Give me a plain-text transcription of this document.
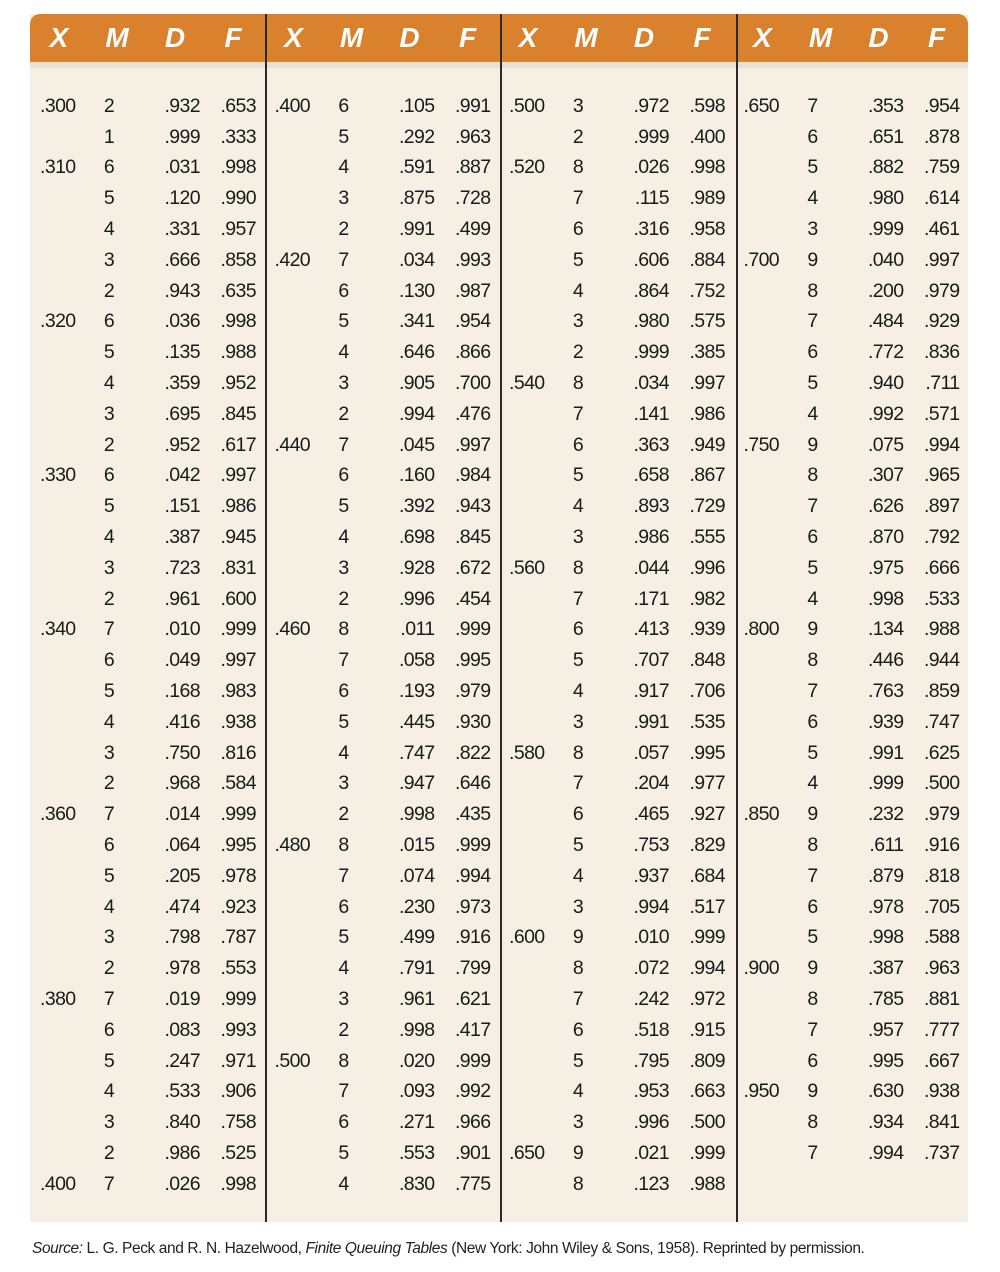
X	M	D	F	X	M	D	F	X	M	D	F	X	M	D	F
.300	2	.932	.653
1	.999	.333
.310	6	.031	.998
5	.120	.990
4	.331	.957
3	.666	.858
2	.943	.635
.320	6	.036	.998
5	.135	.988
4	.359	.952
3	.695	.845
2	.952	.617
.330	6	.042	.997
5	.151	.986
4	.387	.945
3	.723	.831
2	.961	.600
.340	7	.010	.999
6	.049	.997
5	.168	.983
4	.416	.938
3	.750	.816
2	.968	.584
.360	7	.014	.999
6	.064	.995
5	.205	.978
4	.474	.923
3	.798	.787
2	.978	.553
.380	7	.019	.999
6	.083	.993
5	.247	.971
4	.533	.906
3	.840	.758
2	.986	.525
.400	7	.026	.998
.400	6	.105	.991
5	.292	.963
4	.591	.887
3	.875	.728
2	.991	.499
.420	7	.034	.993
6	.130	.987
5	.341	.954
4	.646	.866
3	.905	.700
2	.994	.476
.440	7	.045	.997
6	.160	.984
5	.392	.943
4	.698	.845
3	.928	.672
2	.996	.454
.460	8	.011	.999
7	.058	.995
6	.193	.979
5	.445	.930
4	.747	.822
3	.947	.646
2	.998	.435
.480	8	.015	.999
7	.074	.994
6	.230	.973
5	.499	.916
4	.791	.799
3	.961	.621
2	.998	.417
.500	8	.020	.999
7	.093	.992
6	.271	.966
5	.553	.901
4	.830	.775
.500	3	.972	.598
2	.999	.400
.520	8	.026	.998
7	.115	.989
6	.316	.958
5	.606	.884
4	.864	.752
3	.980	.575
2	.999	.385
.540	8	.034	.997
7	.141	.986
6	.363	.949
5	.658	.867
4	.893	.729
3	.986	.555
.560	8	.044	.996
7	.171	.982
6	.413	.939
5	.707	.848
4	.917	.706
3	.991	.535
.580	8	.057	.995
7	.204	.977
6	.465	.927
5	.753	.829
4	.937	.684
3	.994	.517
.600	9	.010	.999
8	.072	.994
7	.242	.972
6	.518	.915
5	.795	.809
4	.953	.663
3	.996	.500
.650	9	.021	.999
8	.123	.988
.650	7	.353	.954
6	.651	.878
5	.882	.759
4	.980	.614
3	.999	.461
.700	9	.040	.997
8	.200	.979
7	.484	.929
6	.772	.836
5	.940	.711
4	.992	.571
.750	9	.075	.994
8	.307	.965
7	.626	.897
6	.870	.792
5	.975	.666
4	.998	.533
.800	9	.134	.988
8	.446	.944
7	.763	.859
6	.939	.747
5	.991	.625
4	.999	.500
.850	9	.232	.979
8	.611	.916
7	.879	.818
6	.978	.705
5	.998	.588
.900	9	.387	.963
8	.785	.881
7	.957	.777
6	.995	.667
.950	9	.630	.938
8	.934	.841
7	.994	.737
Source: L. G. Peck and R. N. Hazelwood, Finite Queuing Tables (New York: John Wiley & Sons, 1958). Reprinted by permission.
